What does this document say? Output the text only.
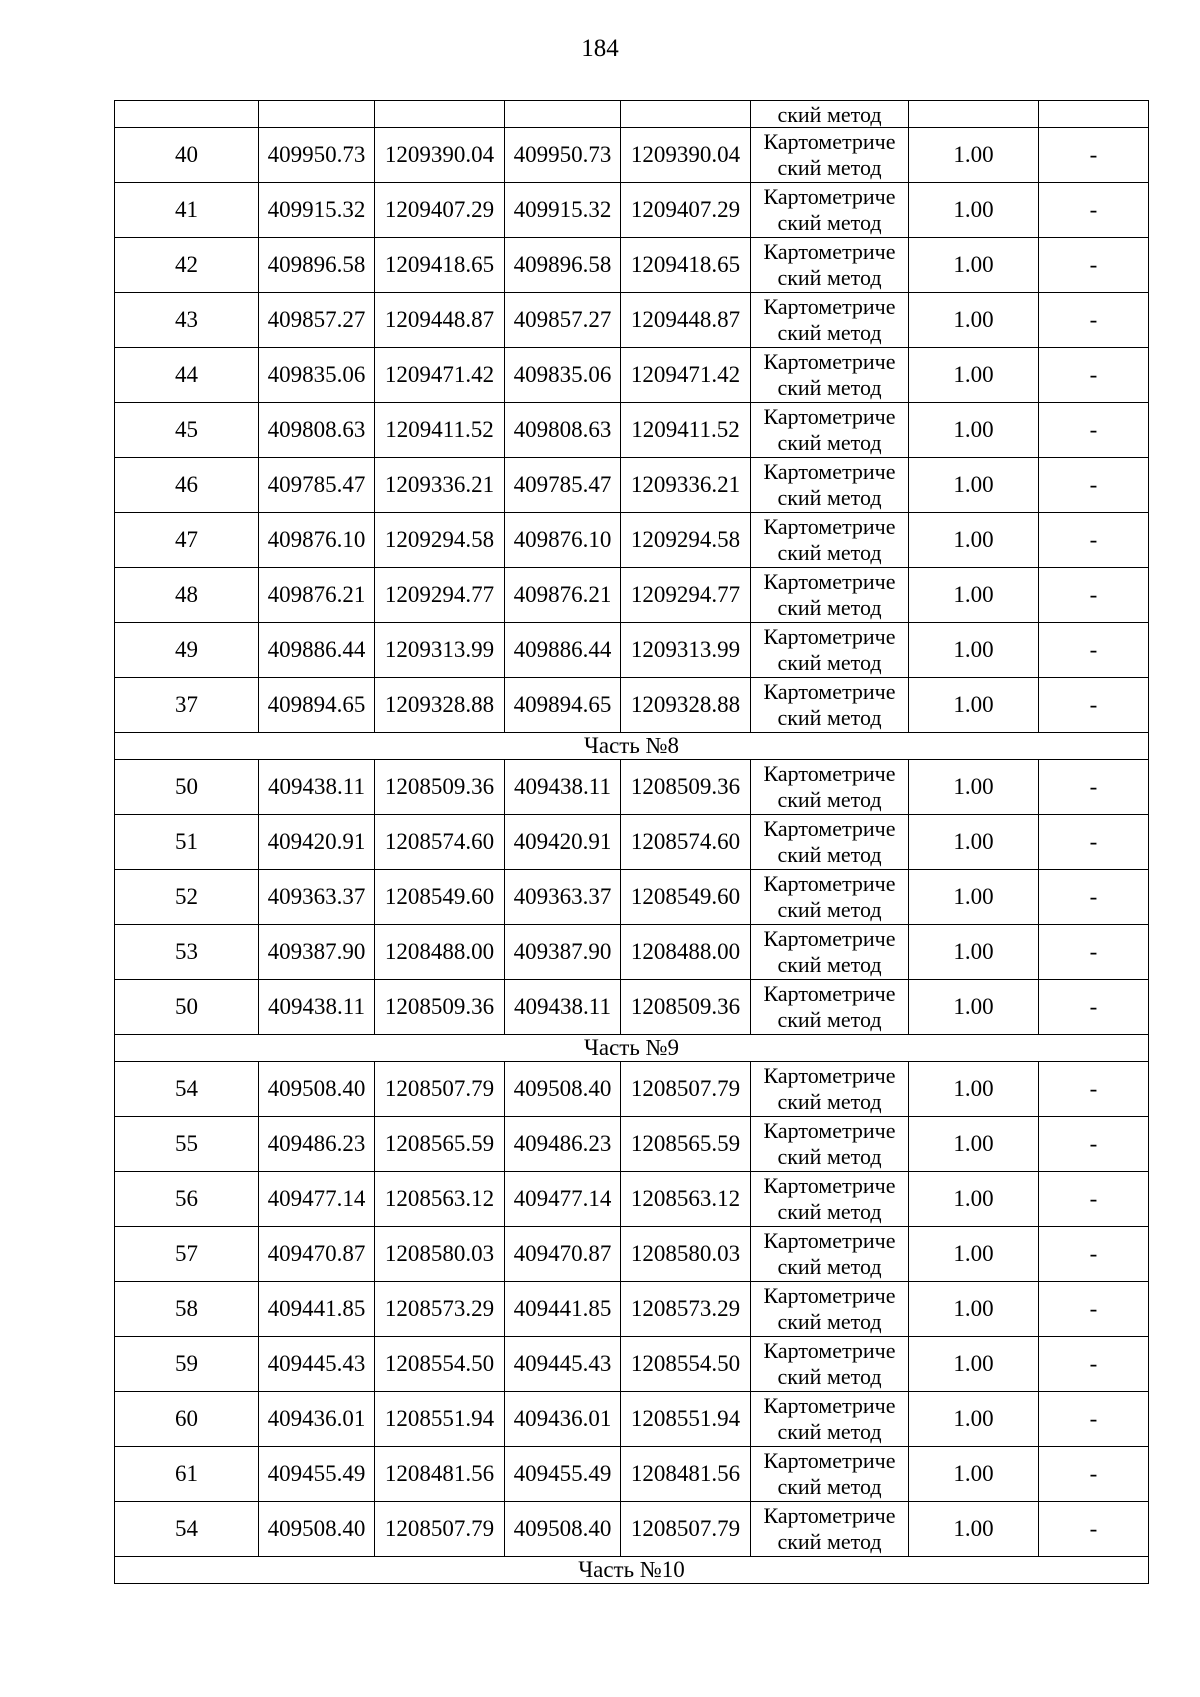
184
					ский метод		
40	409950.73	1209390.04	409950.73	1209390.04	Картометриче
ский метод	1.00	-
41	409915.32	1209407.29	409915.32	1209407.29	Картометриче
ский метод	1.00	-
42	409896.58	1209418.65	409896.58	1209418.65	Картометриче
ский метод	1.00	-
43	409857.27	1209448.87	409857.27	1209448.87	Картометриче
ский метод	1.00	-
44	409835.06	1209471.42	409835.06	1209471.42	Картометриче
ский метод	1.00	-
45	409808.63	1209411.52	409808.63	1209411.52	Картометриче
ский метод	1.00	-
46	409785.47	1209336.21	409785.47	1209336.21	Картометриче
ский метод	1.00	-
47	409876.10	1209294.58	409876.10	1209294.58	Картометриче
ский метод	1.00	-
48	409876.21	1209294.77	409876.21	1209294.77	Картометриче
ский метод	1.00	-
49	409886.44	1209313.99	409886.44	1209313.99	Картометриче
ский метод	1.00	-
37	409894.65	1209328.88	409894.65	1209328.88	Картометриче
ский метод	1.00	-
Часть №8							
50	409438.11	1208509.36	409438.11	1208509.36	Картометриче
ский метод	1.00	-
51	409420.91	1208574.60	409420.91	1208574.60	Картометриче
ский метод	1.00	-
52	409363.37	1208549.60	409363.37	1208549.60	Картометриче
ский метод	1.00	-
53	409387.90	1208488.00	409387.90	1208488.00	Картометриче
ский метод	1.00	-
50	409438.11	1208509.36	409438.11	1208509.36	Картометриче
ский метод	1.00	-
Часть №9							
54	409508.40	1208507.79	409508.40	1208507.79	Картометриче
ский метод	1.00	-
55	409486.23	1208565.59	409486.23	1208565.59	Картометриче
ский метод	1.00	-
56	409477.14	1208563.12	409477.14	1208563.12	Картометриче
ский метод	1.00	-
57	409470.87	1208580.03	409470.87	1208580.03	Картометриче
ский метод	1.00	-
58	409441.85	1208573.29	409441.85	1208573.29	Картометриче
ский метод	1.00	-
59	409445.43	1208554.50	409445.43	1208554.50	Картометриче
ский метод	1.00	-
60	409436.01	1208551.94	409436.01	1208551.94	Картометриче
ский метод	1.00	-
61	409455.49	1208481.56	409455.49	1208481.56	Картометриче
ский метод	1.00	-
54	409508.40	1208507.79	409508.40	1208507.79	Картометриче
ский метод	1.00	-
Часть №10							
